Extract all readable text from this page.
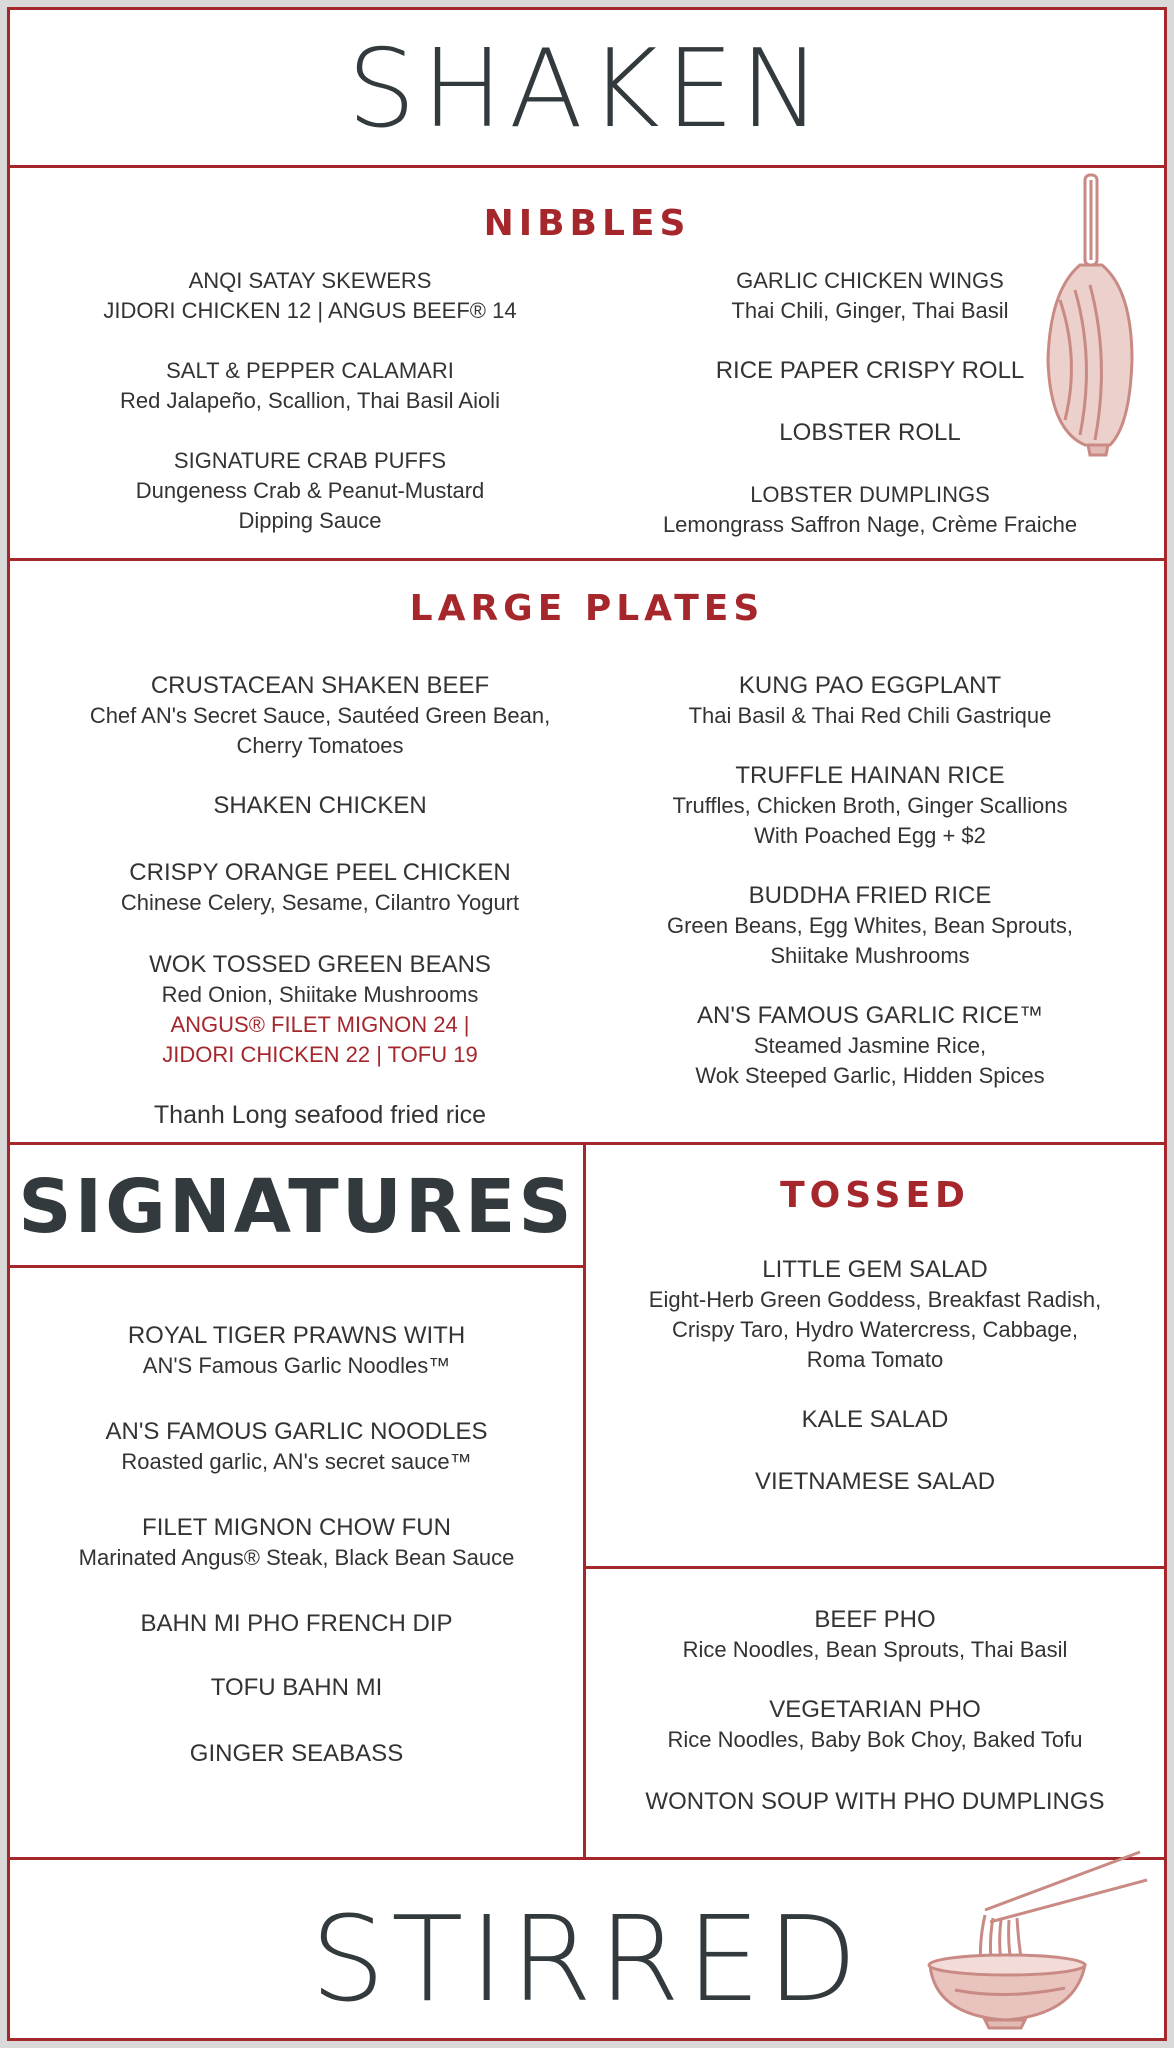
SHAKEN
NIBBLES
ANQI SATAY SKEWERS
JIDORI CHICKEN 12 | ANGUS BEEF® 14
SALT & PEPPER CALAMARI
Red Jalapeño, Scallion, Thai Basil Aioli
SIGNATURE CRAB PUFFS
Dungeness Crab & Peanut-Mustard
Dipping Sauce
GARLIC CHICKEN WINGS
Thai Chili, Ginger, Thai Basil
RICE PAPER CRISPY ROLL
LOBSTER ROLL
LOBSTER DUMPLINGS
Lemongrass Saffron Nage, Crème Fraiche
LARGE PLATES
CRUSTACEAN SHAKEN BEEF
Chef AN's Secret Sauce, Sautéed Green Bean,
Cherry Tomatoes
SHAKEN CHICKEN
CRISPY ORANGE PEEL CHICKEN
Chinese Celery, Sesame, Cilantro Yogurt
WOK TOSSED GREEN BEANS
Red Onion, Shiitake Mushrooms
ANGUS® FILET MIGNON 24 |
JIDORI CHICKEN 22 | TOFU 19
Thanh Long seafood fried rice
KUNG PAO EGGPLANT
Thai Basil & Thai Red Chili Gastrique
TRUFFLE HAINAN RICE
Truffles, Chicken Broth, Ginger Scallions
With Poached Egg + $2
BUDDHA FRIED RICE
Green Beans, Egg Whites, Bean Sprouts,
Shiitake Mushrooms
AN'S FAMOUS GARLIC RICE™
Steamed Jasmine Rice,
Wok Steeped Garlic, Hidden Spices
SIGNATURES
ROYAL TIGER PRAWNS WITH
AN'S Famous Garlic Noodles™
AN'S FAMOUS GARLIC NOODLES
Roasted garlic, AN's secret sauce™
FILET MIGNON CHOW FUN
Marinated Angus® Steak, Black Bean Sauce
BAHN MI PHO FRENCH DIP
TOFU BAHN MI
GINGER SEABASS
TOSSED
LITTLE GEM SALAD
Eight-Herb Green Goddess, Breakfast Radish,
Crispy Taro, Hydro Watercress, Cabbage,
Roma Tomato
KALE SALAD
VIETNAMESE SALAD
BEEF PHO
Rice Noodles, Bean Sprouts, Thai Basil
VEGETARIAN PHO
Rice Noodles, Baby Bok Choy, Baked Tofu
WONTON SOUP WITH PHO DUMPLINGS
STIRRED
